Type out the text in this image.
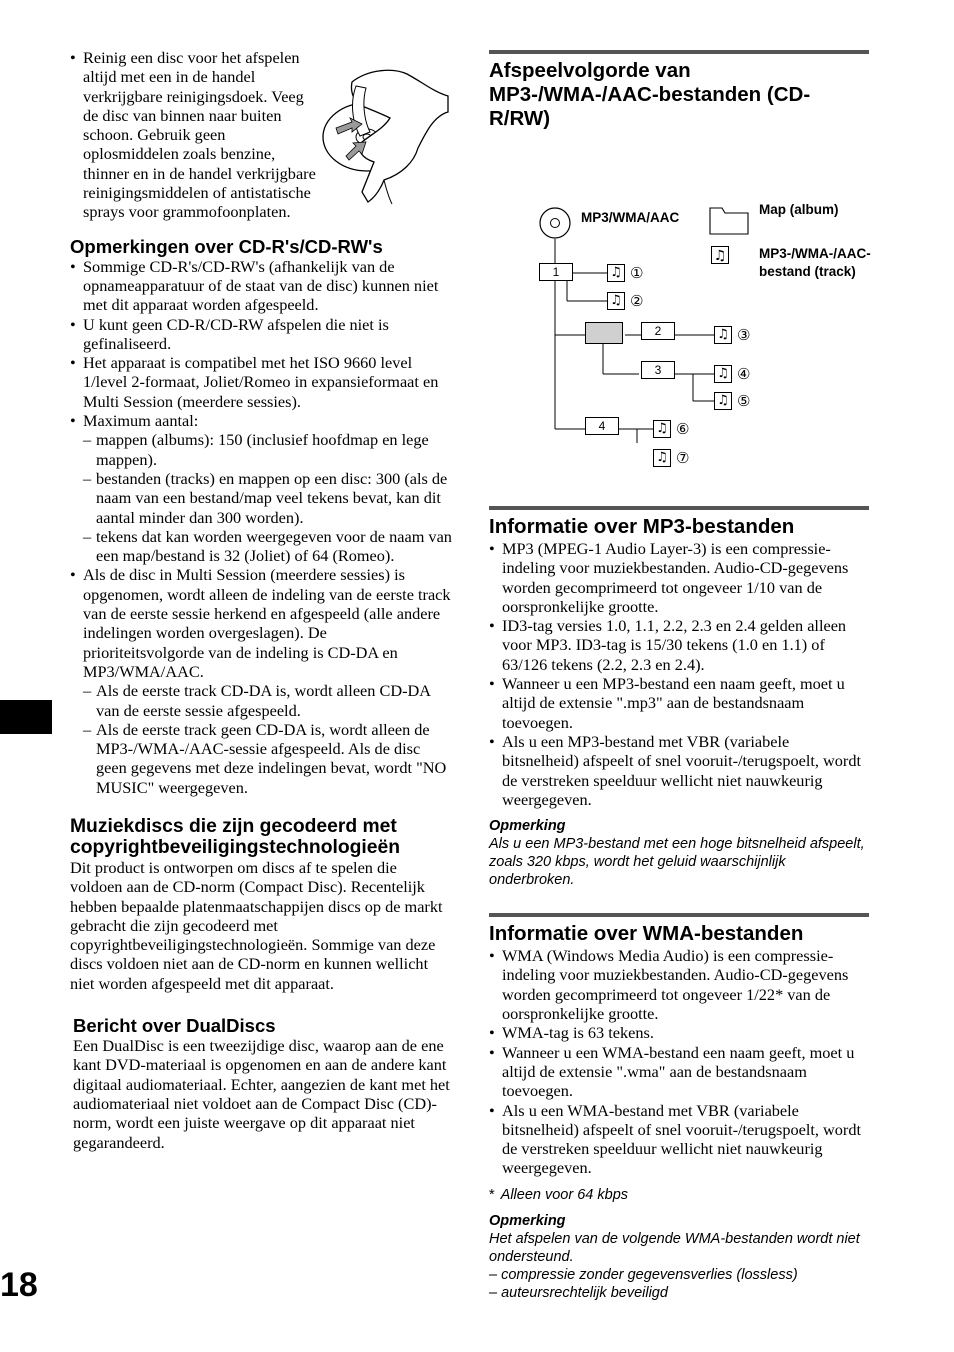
• Reinig een disc voor het afspelen altijd met een in de handel verkrijgbare reinigingsdoek. Veeg de disc van binnen naar buiten schoon. Gebruik geen oplosmiddelen zoals benzine, thinner en in de handel verkrijgbare reinigingsmiddelen of antistatische sprays voor grammofoonplaten.
Opmerkingen over CD-R's/CD-RW's
• Sommige CD-R's/CD-RW's (afhankelijk van de opnameapparatuur of de staat van de disc) kunnen niet met dit apparaat worden afgespeeld.
• U kunt geen CD-R/CD-RW afspelen die niet is gefinaliseerd.
• Het apparaat is compatibel met het ISO 9660 level 1/level 2-formaat, Joliet/Romeo in expansieformaat en Multi Session (meerdere sessies).
• Maximum aantal:
– mappen (albums): 150 (inclusief hoofdmap en lege mappen).
– bestanden (tracks) en mappen op een disc: 300 (als de naam van een bestand/map veel tekens bevat, kan dit aantal minder dan 300 worden).
– tekens dat kan worden weergegeven voor de naam van een map/bestand is 32 (Joliet) of 64 (Romeo).
• Als de disc in Multi Session (meerdere sessies) is opgenomen, wordt alleen de indeling van de eerste track van de eerste sessie herkend en afgespeeld (alle andere indelingen worden overgeslagen). De prioriteitsvolgorde van de indeling is CD-DA en MP3/WMA/AAC.
– Als de eerste track CD-DA is, wordt alleen CD-DA van de eerste sessie afgespeeld.
– Als de eerste track geen CD-DA is, wordt alleen de MP3-/WMA-/AAC-sessie afgespeeld. Als de disc geen gegevens met deze indelingen bevat, wordt "NO MUSIC" weergegeven.
Muziekdiscs die zijn gecodeerd met copyrightbeveiligingstechnologieën

Dit product is ontworpen om discs af te spelen die voldoen aan de CD-norm (Compact Disc). Recentelijk hebben bepaalde platenmaatschappijen discs op de markt gebracht die zijn gecodeerd met copyrightbeveiligingstechnologieën. Sommige van deze discs voldoen niet aan de CD-norm en kunnen wellicht niet worden afgespeeld met dit apparaat.

Bericht over DualDiscs

Een DualDisc is een tweezijdige disc, waarop aan de ene kant DVD-materiaal is opgenomen en aan de andere kant digitaal audiomateriaal. Echter, aangezien de kant met het audiomateriaal niet voldoet aan de Compact Disc (CD)-norm, wordt een juiste weergave op dit apparaat niet gegarandeerd.

Afspeelvolgorde van MP3-/WMA-/AAC-bestanden (CD-R/RW)
MP3/WMA/AAC
Map (album)
♫ MP3-/WMA-/AAC-bestand (track)
1
2
3
4
♫ ①
♫ ②
♫ ③
♫ ④
♫ ⑤
♫ ⑥
♫ ⑦
Informatie over MP3-bestanden
• MP3 (MPEG-1 Audio Layer-3) is een compressie-indeling voor muziekbestanden. Audio-CD-gegevens worden gecomprimeerd tot ongeveer 1/10 van de oorspronkelijke grootte.
• ID3-tag versies 1.0, 1.1, 2.2, 2.3 en 2.4 gelden alleen voor MP3. ID3-tag is 15/30 tekens (1.0 en 1.1) of 63/126 tekens (2.2, 2.3 en 2.4).
• Wanneer u een MP3-bestand een naam geeft, moet u altijd de extensie ".mp3" aan de bestandsnaam toevoegen.
• Als u een MP3-bestand met VBR (variabele bitsnelheid) afspeelt of snel vooruit-/terugspoelt, wordt de verstreken speelduur wellicht niet nauwkeurig weergegeven.
Opmerking
Als u een MP3-bestand met een hoge bitsnelheid afspeelt, zoals 320 kbps, wordt het geluid waarschijnlijk onderbroken.
Informatie over WMA-bestanden
• WMA (Windows Media Audio) is een compressie-indeling voor muziekbestanden. Audio-CD-gegevens worden gecomprimeerd tot ongeveer 1/22* van de oorspronkelijke grootte.
• WMA-tag is 63 tekens.
• Wanneer u een WMA-bestand een naam geeft, moet u altijd de extensie ".wma" aan de bestandsnaam toevoegen.
• Als u een WMA-bestand met VBR (variabele bitsnelheid) afspeelt of snel vooruit-/terugspoelt, wordt de verstreken speelduur wellicht niet nauwkeurig weergegeven.
* Alleen voor 64 kbps
Opmerking
Het afspelen van de volgende WMA-bestanden wordt niet ondersteund.
– compressie zonder gegevensverlies (lossless)
– auteursrechtelijk beveiligd
18
